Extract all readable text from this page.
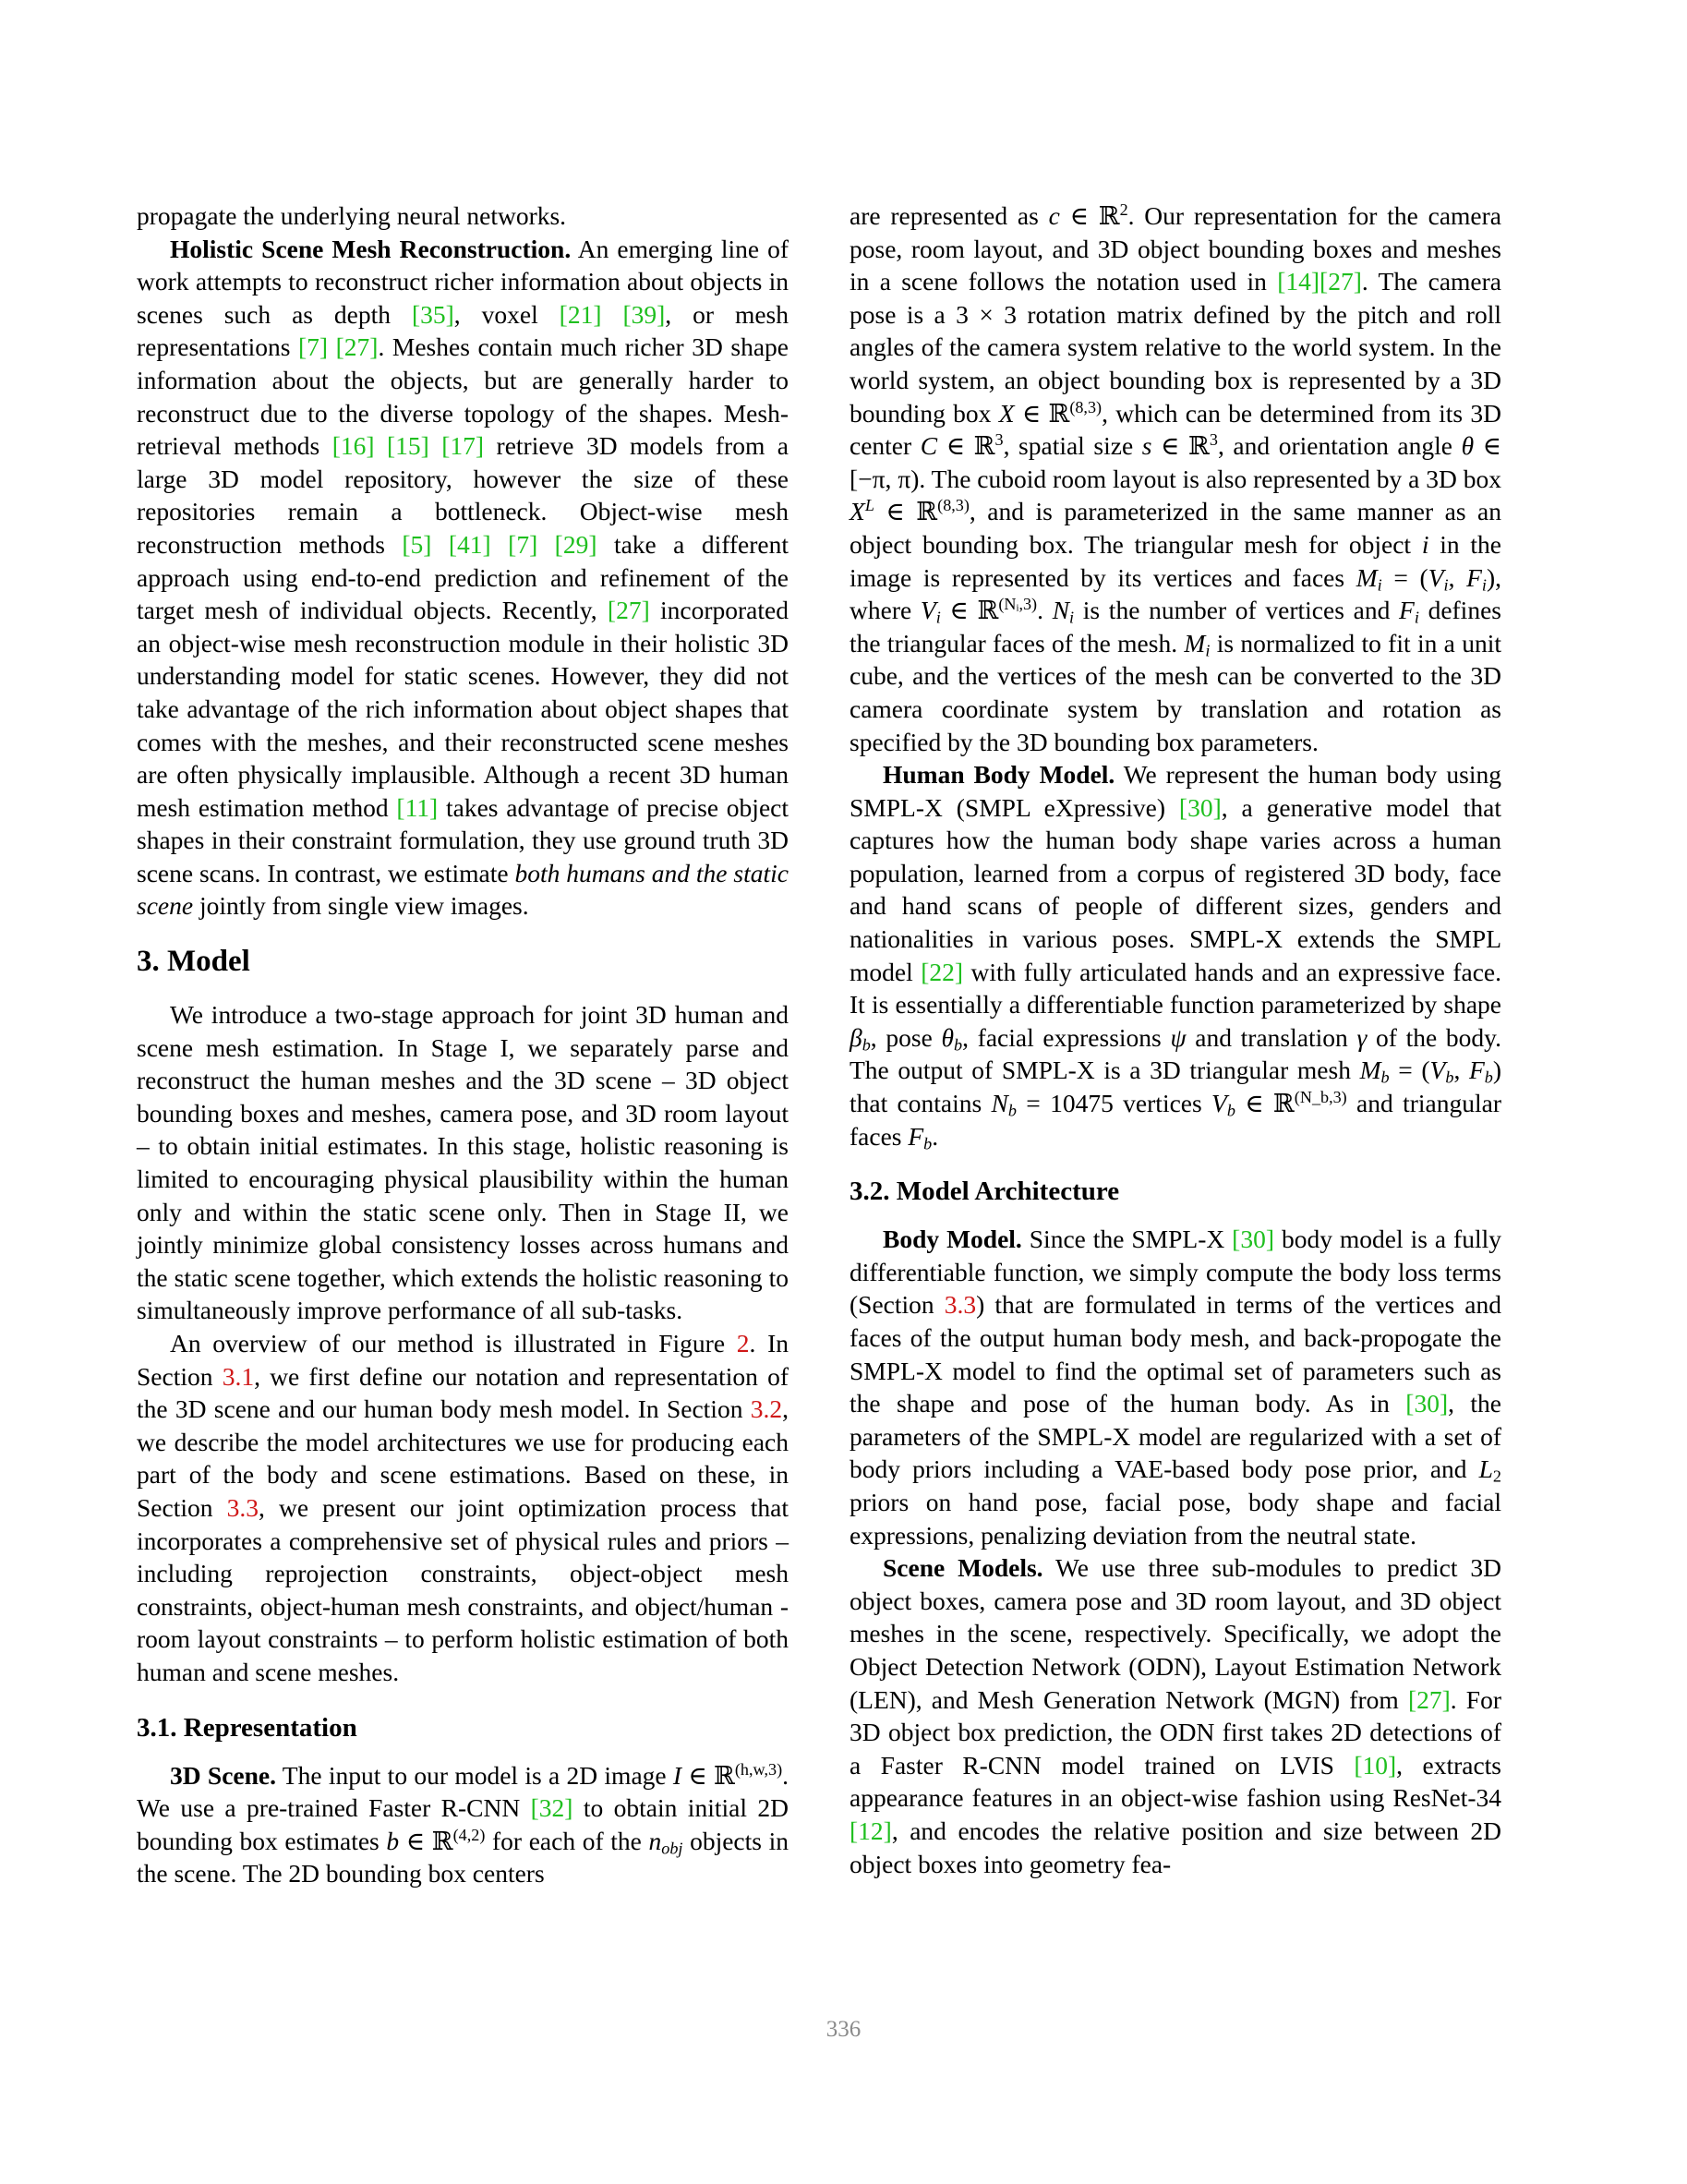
propagate the underlying neural networks.

Holistic Scene Mesh Reconstruction. An emerging line of work attempts to reconstruct richer information about objects in scenes such as depth [35], voxel [21] [39], or mesh representations [7] [27]. Meshes contain much richer 3D shape information about the objects, but are generally harder to reconstruct due to the diverse topology of the shapes. Mesh-retrieval methods [16] [15] [17] retrieve 3D models from a large 3D model repository, however the size of these repositories remain a bottleneck. Object-wise mesh reconstruction methods [5] [41] [7] [29] take a different approach using end-to-end prediction and refinement of the target mesh of individual objects. Recently, [27] incorporated an object-wise mesh reconstruction module in their holistic 3D understanding model for static scenes. However, they did not take advantage of the rich information about object shapes that comes with the meshes, and their reconstructed scene meshes are often physically implausible. Although a recent 3D human mesh estimation method [11] takes advantage of precise object shapes in their constraint formulation, they use ground truth 3D scene scans. In contrast, we estimate both humans and the static scene jointly from single view images.

3. Model

We introduce a two-stage approach for joint 3D human and scene mesh estimation. In Stage I, we separately parse and reconstruct the human meshes and the 3D scene – 3D object bounding boxes and meshes, camera pose, and 3D room layout – to obtain initial estimates. In this stage, holistic reasoning is limited to encouraging physical plausibility within the human only and within the static scene only. Then in Stage II, we jointly minimize global consistency losses across humans and the static scene together, which extends the holistic reasoning to simultaneously improve performance of all sub-tasks.

An overview of our method is illustrated in Figure 2. In Section 3.1, we first define our notation and representation of the 3D scene and our human body mesh model. In Section 3.2, we describe the model architectures we use for producing each part of the body and scene estimations. Based on these, in Section 3.3, we present our joint optimization process that incorporates a comprehensive set of physical rules and priors – including reprojection constraints, object-object mesh constraints, object-human mesh constraints, and object/human - room layout constraints – to perform holistic estimation of both human and scene meshes.

3.1. Representation

3D Scene. The input to our model is a 2D image I ∈ ℝ$^{(h,w,3)}$. We use a pre-trained Faster R-CNN [32] to obtain initial 2D bounding box estimates b ∈ ℝ$^{(4,2)}$ for each of the $n_{obj}$ objects in the scene. The 2D bounding box centers

are represented as c ∈ ℝ$^2$. Our representation for the camera pose, room layout, and 3D object bounding boxes and meshes in a scene follows the notation used in [14][27]. The camera pose is a 3 × 3 rotation matrix defined by the pitch and roll angles of the camera system relative to the world system. In the world system, an object bounding box is represented by a 3D bounding box X ∈ ℝ$^{(8,3)}$, which can be determined from its 3D center C ∈ ℝ$^3$, spatial size s ∈ ℝ$^3$, and orientation angle θ ∈ [−π, π). The cuboid room layout is also represented by a 3D box $X^L$ ∈ ℝ$^{(8,3)}$, and is parameterized in the same manner as an object bounding box. The triangular mesh for object i in the image is represented by its vertices and faces $M_i = (V_i$, $F_i$), where $V_i$ ∈ ℝ$^{(Nᵢ,3)}$. $N_i$ is the number of vertices and $F_i$ defines the triangular faces of the mesh. $M_i$ is normalized to fit in a unit cube, and the vertices of the mesh can be converted to the 3D camera coordinate system by translation and rotation as specified by the 3D bounding box parameters.

Human Body Model. We represent the human body using SMPL-X (SMPL eXpressive) [30], a generative model that captures how the human body shape varies across a human population, learned from a corpus of registered 3D body, face and hand scans of people of different sizes, genders and nationalities in various poses. SMPL-X extends the SMPL model [22] with fully articulated hands and an expressive face. It is essentially a differentiable function parameterized by shape $\beta_b$, pose $\theta_b$, facial expressions ψ and translation γ of the body. The output of SMPL-X is a 3D triangular mesh $M_b = (V_b$, $F_b$) that contains $N_b = 10475$ vertices $V_b$ ∈ ℝ$^{(N\_b,3)}$ and triangular faces $F_b$.

3.2. Model Architecture

Body Model. Since the SMPL-X [30] body model is a fully differentiable function, we simply compute the body loss terms (Section 3.3) that are formulated in terms of the vertices and faces of the output human body mesh, and back-propogate the SMPL-X model to find the optimal set of parameters such as the shape and pose of the human body. As in [30], the parameters of the SMPL-X model are regularized with a set of body priors including a VAE-based body pose prior, and $L_2$ priors on hand pose, facial pose, body shape and facial expressions, penalizing deviation from the neutral state.

Scene Models. We use three sub-modules to predict 3D object boxes, camera pose and 3D room layout, and 3D object meshes in the scene, respectively. Specifically, we adopt the Object Detection Network (ODN), Layout Estimation Network (LEN), and Mesh Generation Network (MGN) from [27]. For 3D object box prediction, the ODN first takes 2D detections of a Faster R-CNN model trained on LVIS [10], extracts appearance features in an object-wise fashion using ResNet-34 [12], and encodes the relative position and size between 2D object boxes into geometry fea-

336
